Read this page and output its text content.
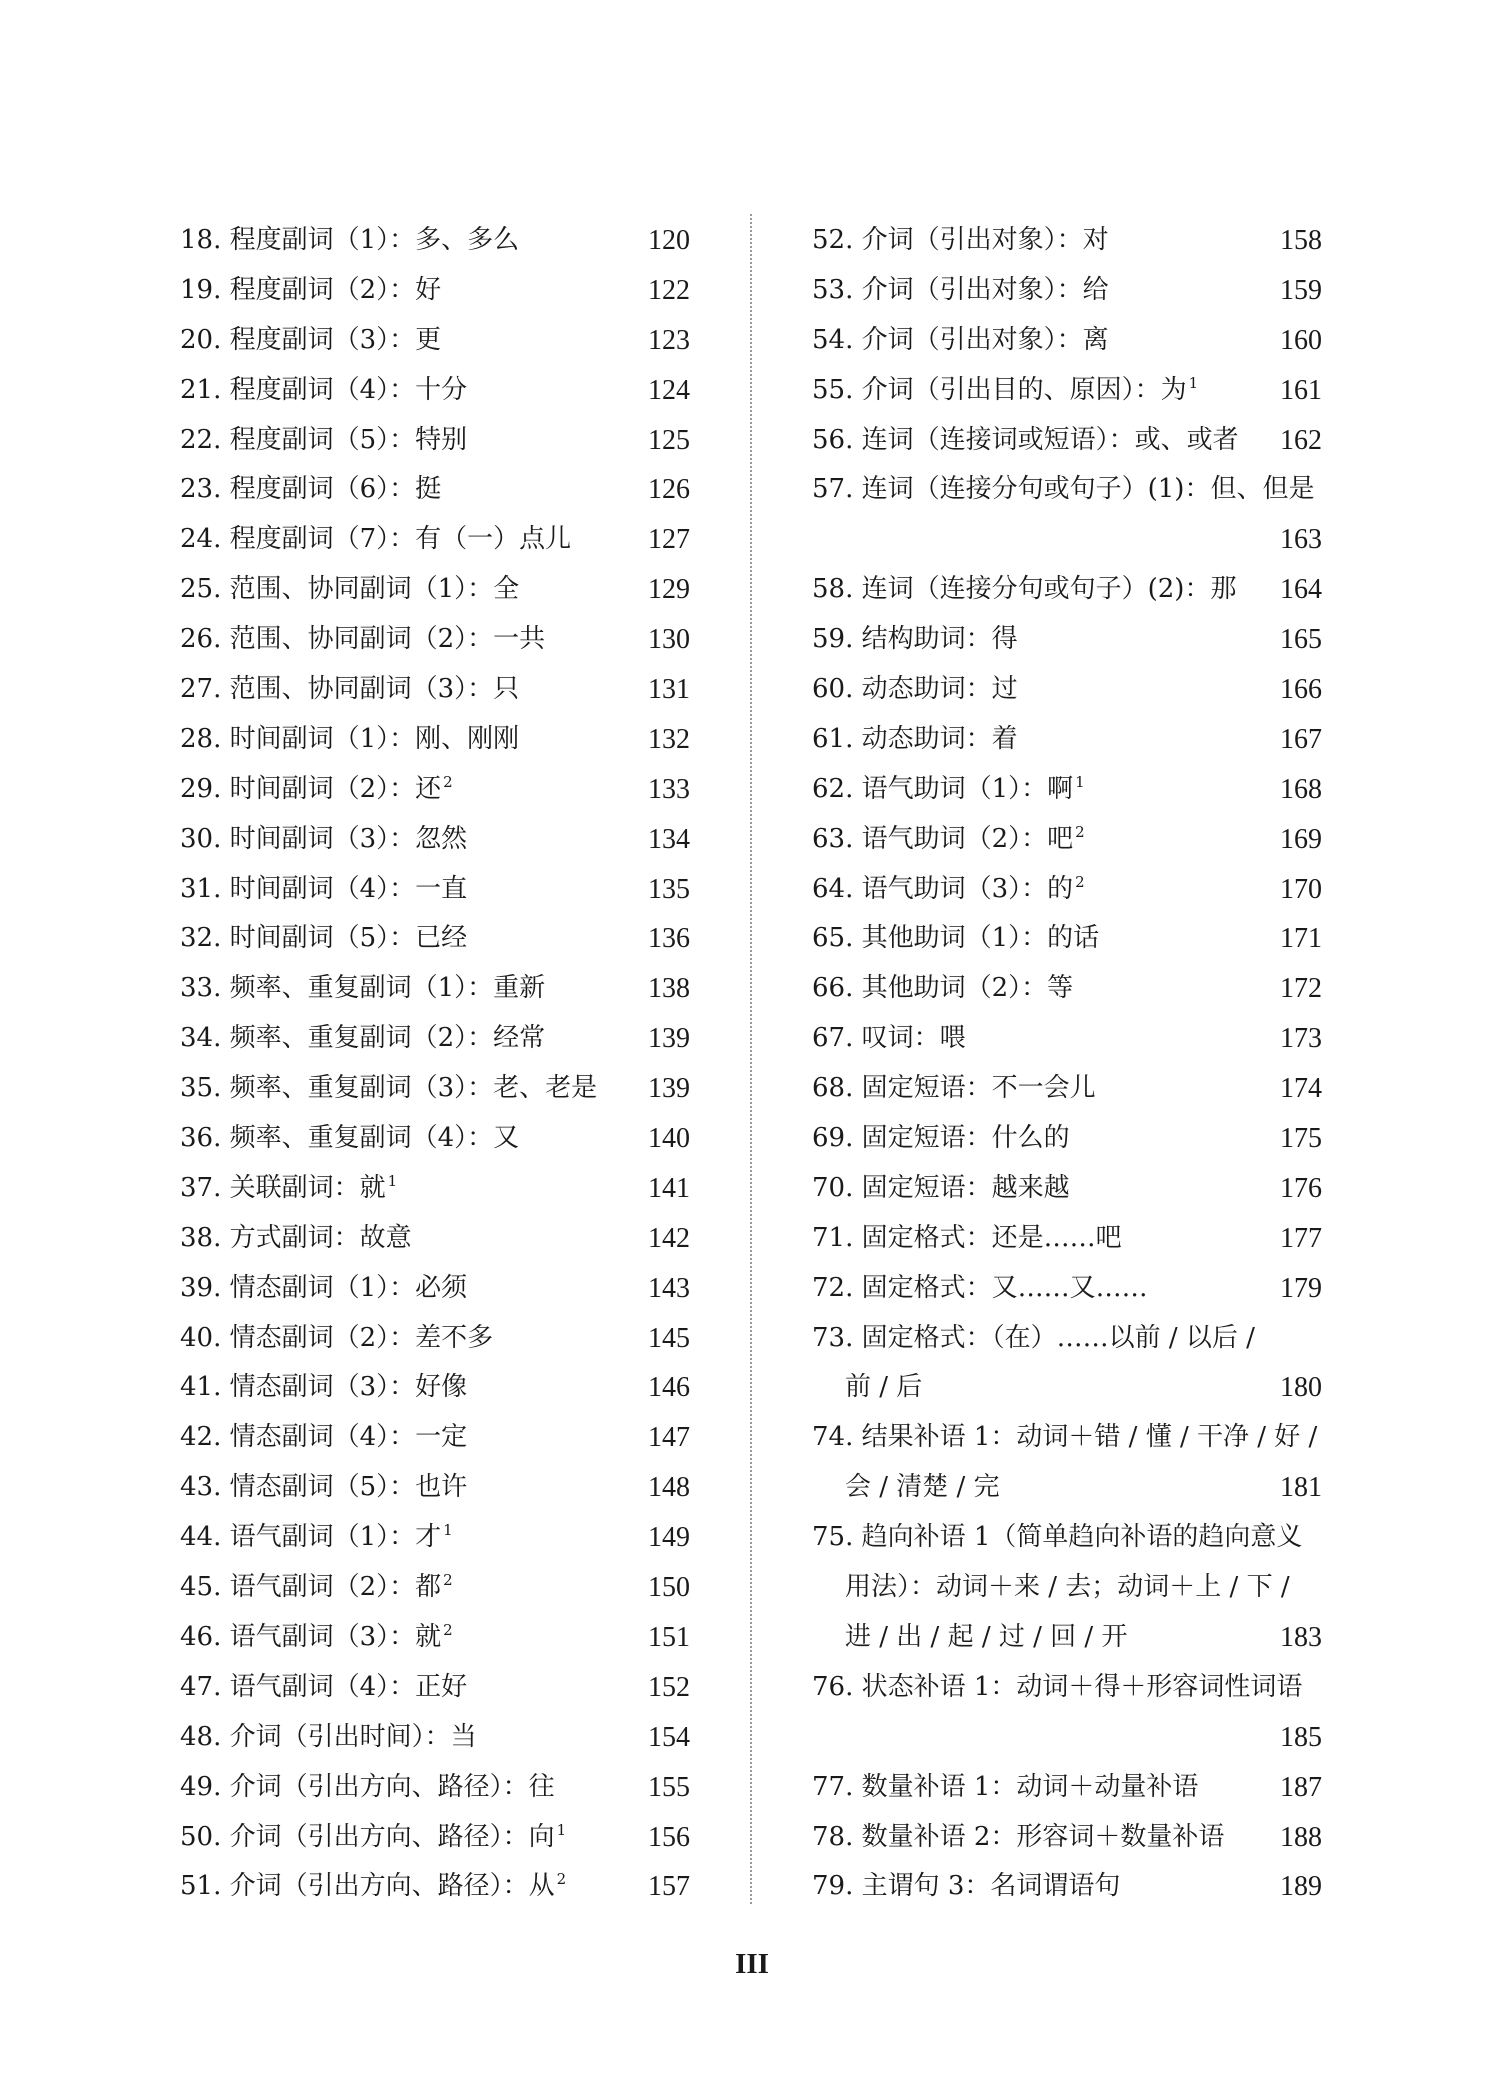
18. 程度副词（1）：多、多么	120
19. 程度副词（2）：好	122
20. 程度副词（3）：更	123
21. 程度副词（4）：十分	124
22. 程度副词（5）：特别	125
23. 程度副词（6）：挺	126
24. 程度副词（7）：有（一）点儿	127
25. 范围、协同副词（1）：全	129
26. 范围、协同副词（2）：一共	130
27. 范围、协同副词（3）：只	131
28. 时间副词（1）：刚、刚刚	132
29. 时间副词（2）：还 $^2$	133
30. 时间副词（3）：忽然	134
31. 时间副词（4）：一直	135
32. 时间副词（5）：已经	136
33. 频率、重复副词（1）：重新	138
34. 频率、重复副词（2）：经常	139
35. 频率、重复副词（3）：老、老是 139
36. 频率、重复副词（4）：又	140
37. 关联副词：就 $^1$	141
38. 方式副词：故意	142
39. 情态副词（1）：必须	143
40. 情态副词（2）：差不多	145
41. 情态副词（3）：好像	146
42. 情态副词（4）：一定	147
43. 情态副词（5）：也许	148
44. 语气副词（1）：才 $^1$	149
45. 语气副词（2）：都 $^2$	150
46. 语气副词（3）：就 $^2$	151
47. 语气副词（4）：正好	152
48. 介词（引出时间）：当	154
49. 介词（引出方向、路径）：往	155
50. 介词（引出方向、路径）：向 $^1$	156
51. 介词（引出方向、路径）：从 $^2$	157
52. 介词（引出对象）：对	158
53. 介词（引出对象）：给	159
54. 介词（引出对象）：离	160
55. 介词（引出目的、原因）：为 $^1$	161
56. 连词（连接词或短语）：或、或者 162
57. 连词（连接分句或句子）(1)：但、但是
163
58. 连词（连接分句或句子）(2)：那 164
59. 结构助词：得	165
60. 动态助词：过	166
61. 动态助词：着	167
62. 语气助词（1）：啊 $^1$	168
63. 语气助词（2）：吧 $^2$	169
64. 语气助词（3）：的 $^2$	170
65. 其他助词（1）：的话	171
66. 其他助词（2）：等	172
67. 叹词：喂	173
68. 固定短语：不一会儿	174
69. 固定短语：什么的	175
70. 固定短语：越来越	176
71. 固定格式：还是……吧	177
72. 固定格式：又……又……	179
73. 固定格式：（在）……以前 / 以后 /
前 / 后	180
74. 结果补语 1：动词＋错 / 懂 / 干净 / 好 /
会 / 清楚 / 完	181
75. 趋向补语 1（简单趋向补语的趋向意义
用法）：动词＋来 / 去；动词＋上 / 下 /
进 / 出 / 起 / 过 / 回 / 开	183
76. 状态补语 1：动词＋得＋形容词性词语
185
77. 数量补语 1：动词＋动量补语	187
78. 数量补语 2：形容词＋数量补语 188
79. 主谓句 3：名词谓语句	189
III
